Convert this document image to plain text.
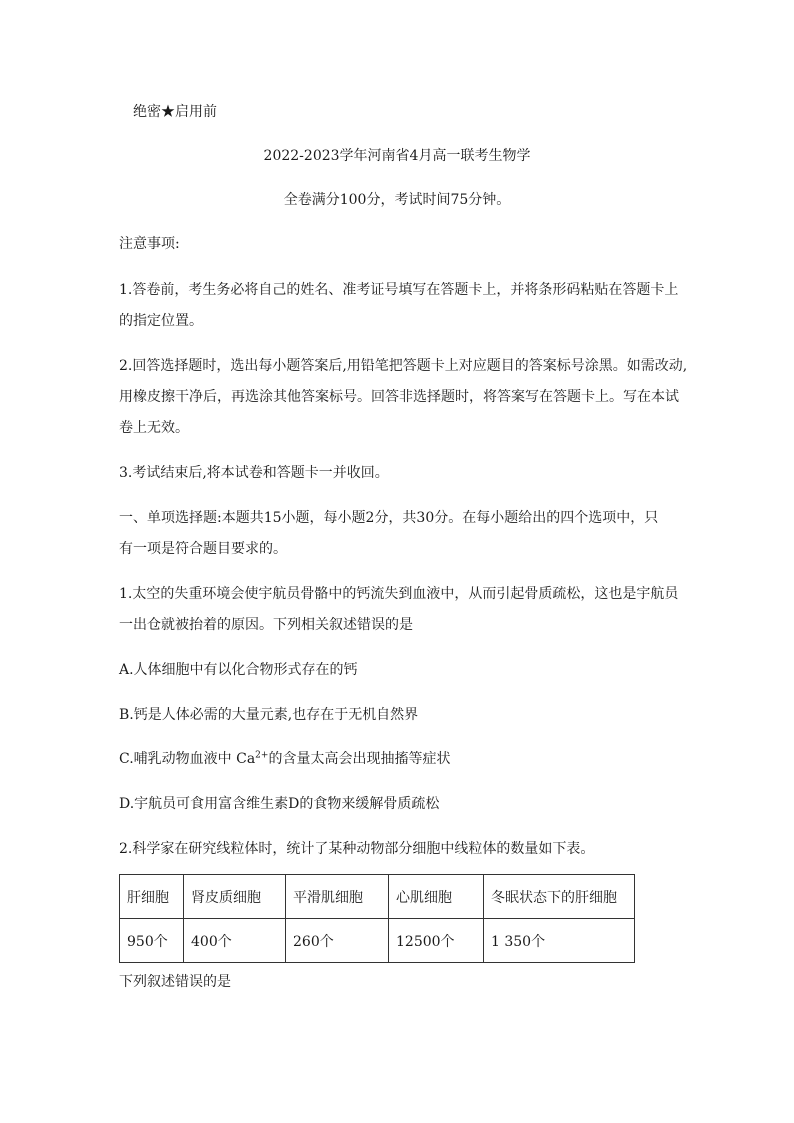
绝密★启用前
2022-2023学年河南省4月高一联考生物学
全卷满分100分，考试时间75分钟。
注意事项:
1.答卷前，考生务必将自己的姓名、准考证号填写在答题卡上，并将条形码粘贴在答题卡上
的指定位置。
2.回答选择题时，选出每小题答案后,用铅笔把答题卡上对应题目的答案标号涂黑。如需改动,
用橡皮擦干净后，再选涂其他答案标号。回答非选择题时，将答案写在答题卡上。写在本试
卷上无效。
3.考试结束后,将本试卷和答题卡一并收回。
一、单项选择题:本题共15小题，每小题2分，共30分。在每小题给出的四个选项中，只
有一项是符合题目要求的。
1.太空的失重环境会使宇航员骨骼中的钙流失到血液中，从而引起骨质疏松，这也是宇航员
一出仓就被抬着的原因。下列相关叙述错误的是
A.人体细胞中有以化合物形式存在的钙
B.钙是人体必需的大量元素,也存在于无机自然界
C.哺乳动物血液中 $Ca^{2+}$的含量太高会出现抽搐等症状
D.宇航员可食用富含维生素D的食物来缓解骨质疏松
2.科学家在研究线粒体时，统计了某种动物部分细胞中线粒体的数量如下表。
肝细胞	肾皮质细胞	平滑肌细胞	心肌细胞	冬眠状态下的肝细胞
950个	400个	260个	12500个	1 350个
下列叙述错误的是
